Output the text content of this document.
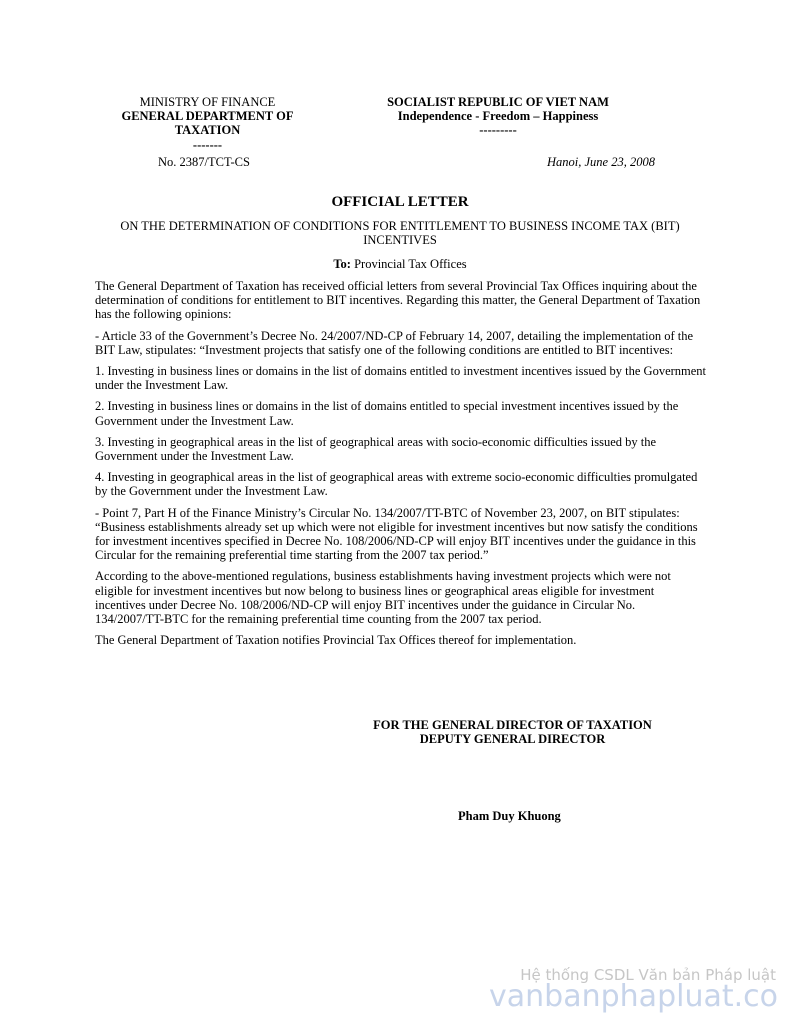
MINISTRY OF FINANCE
GENERAL DEPARTMENT OF
TAXATION
-------
SOCIALIST REPUBLIC OF VIET NAM
Independence - Freedom – Happiness
---------
No. 2387/TCT-CS	Hanoi, June 23, 2008
OFFICIAL LETTER
ON THE DETERMINATION OF CONDITIONS FOR ENTITLEMENT TO BUSINESS INCOME TAX (BIT) INCENTIVES
To: Provincial Tax Offices

The General Department of Taxation has received official letters from several Provincial Tax Offices inquiring about the determination of conditions for entitlement to BIT incentives. Regarding this matter, the General Department of Taxation has the following opinions:

- Article 33 of the Government’s Decree No. 24/2007/ND-CP of February 14, 2007, detailing the implementation of the BIT Law, stipulates: “Investment projects that satisfy one of the following conditions are entitled to BIT incentives:

1. Investing in business lines or domains in the list of domains entitled to investment incentives issued by the Government under the Investment Law.

2. Investing in business lines or domains in the list of domains entitled to special investment incentives issued by the Government under the Investment Law.

3. Investing in geographical areas in the list of geographical areas with socio-economic difficulties issued by the Government under the Investment Law.

4. Investing in geographical areas in the list of geographical areas with extreme socio-economic difficulties promulgated by the Government under the Investment Law.

- Point 7, Part H of the Finance Ministry’s Circular No. 134/2007/TT-BTC of November 23, 2007, on BIT stipulates: “Business establishments already set up which were not eligible for investment incentives but now satisfy the conditions for investment incentives specified in Decree No. 108/2006/ND-CP will enjoy BIT incentives under the guidance in this Circular for the remaining preferential time starting from the 2007 tax period.”

According to the above-mentioned regulations, business establishments having investment projects which were not eligible for investment incentives but now belong to business lines or geographical areas eligible for investment incentives under Decree No. 108/2006/ND-CP will enjoy BIT incentives under the guidance in Circular No. 134/2007/TT-BTC for the remaining preferential time counting from the 2007 tax period.

The General Department of Taxation notifies Provincial Tax Offices thereof for implementation.

FOR THE GENERAL DIRECTOR OF TAXATION
DEPUTY GENERAL DIRECTOR
Pham Duy Khuong
Hệ thống CSDL Văn bản Pháp luật
vanbanphapluat.co
